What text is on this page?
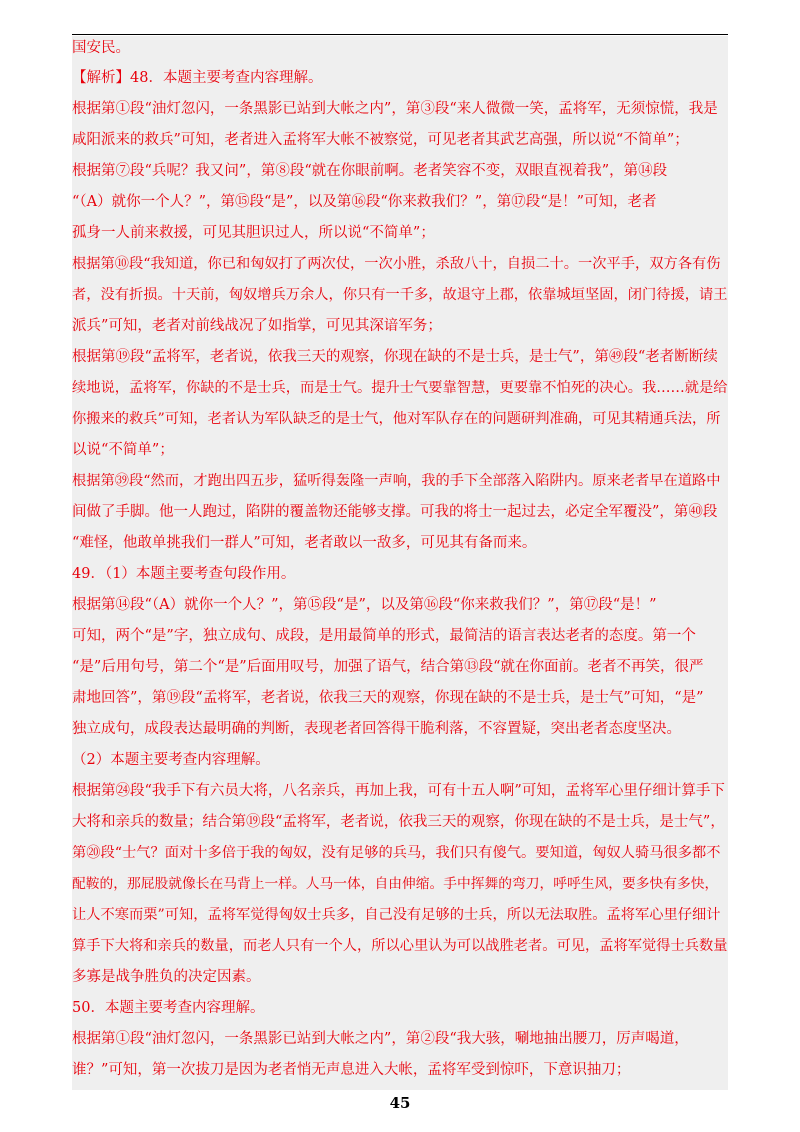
国安民。
【解析】48．本题主要考查内容理解。
根据第①段“油灯忽闪，一条黑影已站到大帐之内”，第③段“来人微微一笑，孟将军，无须惊慌，我是
咸阳派来的救兵”可知，老者进入孟将军大帐不被察觉，可见老者其武艺高强，所以说“不简单”；
根据第⑦段“兵呢？我又问”，第⑧段“就在你眼前啊。老者笑容不变，双眼直视着我”，第⑭段
“（A）就你一个人？”，第⑮段“是”，以及第⑯段“你来救我们？”，第⑰段“是！”可知，老者
孤身一人前来救援，可见其胆识过人，所以说“不简单”；
根据第⑩段“我知道，你已和匈奴打了两次仗，一次小胜，杀敌八十，自损二十。一次平手，双方各有伤
者，没有折损。十天前，匈奴增兵万余人，你只有一千多，故退守上郡，依靠城垣坚固，闭门待援，请王
派兵”可知，老者对前线战况了如指掌，可见其深谙军务；
根据第⑲段“孟将军，老者说，依我三天的观察，你现在缺的不是士兵，是士气”，第㊾段“老者断断续
续地说，孟将军，你缺的不是士兵，而是士气。提升士气要靠智慧，更要靠不怕死的决心。我……就是给
你搬来的救兵”可知，老者认为军队缺乏的是士气，他对军队存在的问题研判准确，可见其精通兵法，所
以说“不简单”；
根据第㊴段“然而，才跑出四五步，猛听得轰隆一声响，我的手下全部落入陷阱内。原来老者早在道路中
间做了手脚。他一人跑过，陷阱的覆盖物还能够支撑。可我的将士一起过去，必定全军覆没”，第㊵段
“难怪，他敢单挑我们一群人”可知，老者敢以一敌多，可见其有备而来。
49．（1）本题主要考查句段作用。
根据第⑭段“（A）就你一个人？”，第⑮段“是”，以及第⑯段“你来救我们？”，第⑰段“是！”
可知，两个“是”字，独立成句、成段，是用最简单的形式，最简洁的语言表达老者的态度。第一个
“是”后用句号，第二个“是”后面用叹号，加强了语气，结合第⑬段“就在你面前。老者不再笑，很严
肃地回答”，第⑲段“孟将军，老者说，依我三天的观察，你现在缺的不是士兵，是士气”可知，“是”
独立成句，成段表达最明确的判断，表现老者回答得干脆利落，不容置疑，突出老者态度坚决。
（2）本题主要考查内容理解。
根据第㉔段“我手下有六员大将，八名亲兵，再加上我，可有十五人啊”可知，孟将军心里仔细计算手下
大将和亲兵的数量；结合第⑲段“孟将军，老者说，依我三天的观察，你现在缺的不是士兵，是士气”，
第⑳段“士气？面对十多倍于我的匈奴，没有足够的兵马，我们只有傻气。要知道，匈奴人骑马很多都不
配鞍的，那屁股就像长在马背上一样。人马一体，自由伸缩。手中挥舞的弯刀，呼呼生风，要多快有多快，
让人不寒而栗”可知，孟将军觉得匈奴士兵多，自己没有足够的士兵，所以无法取胜。孟将军心里仔细计
算手下大将和亲兵的数量，而老人只有一个人，所以心里认为可以战胜老者。可见，孟将军觉得士兵数量
多寡是战争胜负的决定因素。
50．本题主要考查内容理解。
根据第①段“油灯忽闪，一条黑影已站到大帐之内”，第②段“我大骇，唰地抽出腰刀，厉声喝道，
谁？”可知，第一次拔刀是因为老者悄无声息进入大帐，孟将军受到惊吓，下意识抽刀；
45
